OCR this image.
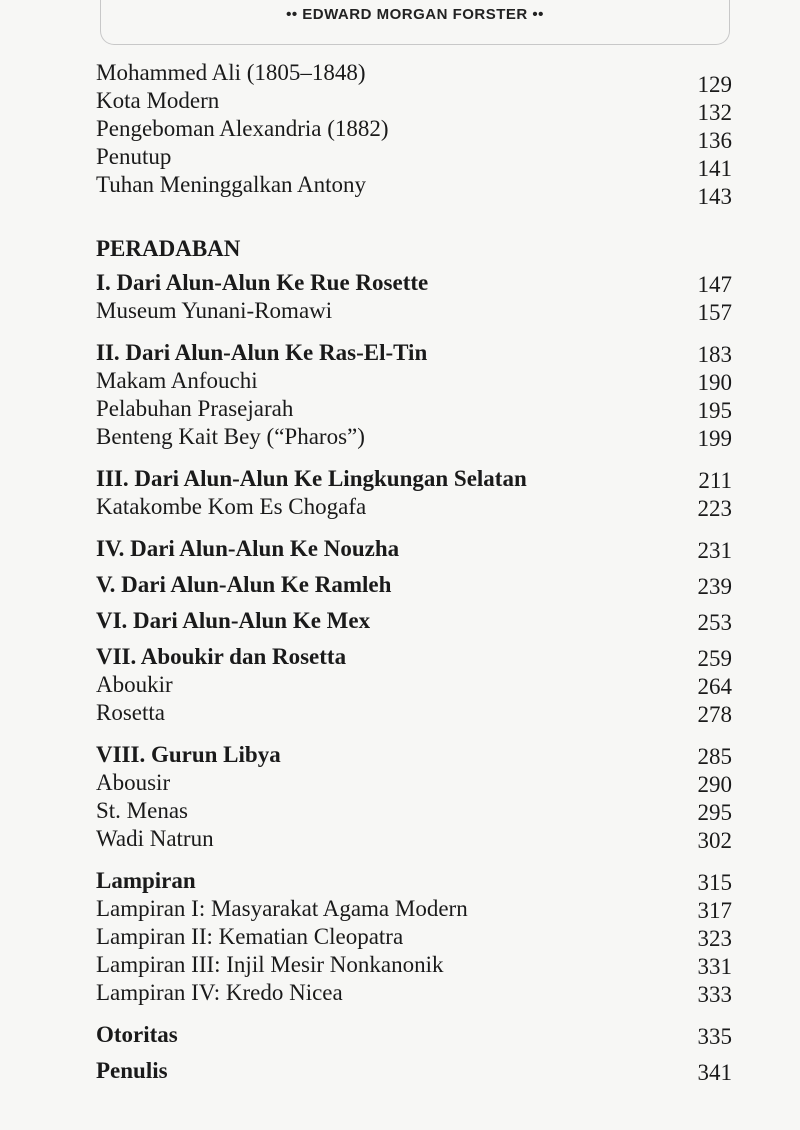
•• EDWARD MORGAN FORSTER ••
Mohammed Ali (1805–1848)	129
Kota Modern	132
Pengeboman Alexandria (1882)	136
Penutup	141
Tuhan Meninggalkan Antony	143
PERADABAN
I. Dari Alun-Alun Ke Rue Rosette	147
Museum Yunani-Romawi	157
II. Dari Alun-Alun Ke Ras-El-Tin	183
Makam Anfouchi	190
Pelabuhan Prasejarah	195
Benteng Kait Bey (“Pharos”)	199
III. Dari Alun-Alun Ke Lingkungan Selatan	211
Katakombe Kom Es Chogafa	223
IV. Dari Alun-Alun Ke Nouzha	231
V. Dari Alun-Alun Ke Ramleh	239
VI. Dari Alun-Alun Ke Mex	253
VII. Aboukir dan Rosetta	259
Aboukir	264
Rosetta	278
VIII. Gurun Libya	285
Abousir	290
St. Menas	295
Wadi Natrun	302
Lampiran	315
Lampiran I: Masyarakat Agama Modern	317
Lampiran II: Kematian Cleopatra	323
Lampiran III: Injil Mesir Nonkanonik	331
Lampiran IV: Kredo Nicea	333
Otoritas	335
Penulis	341
